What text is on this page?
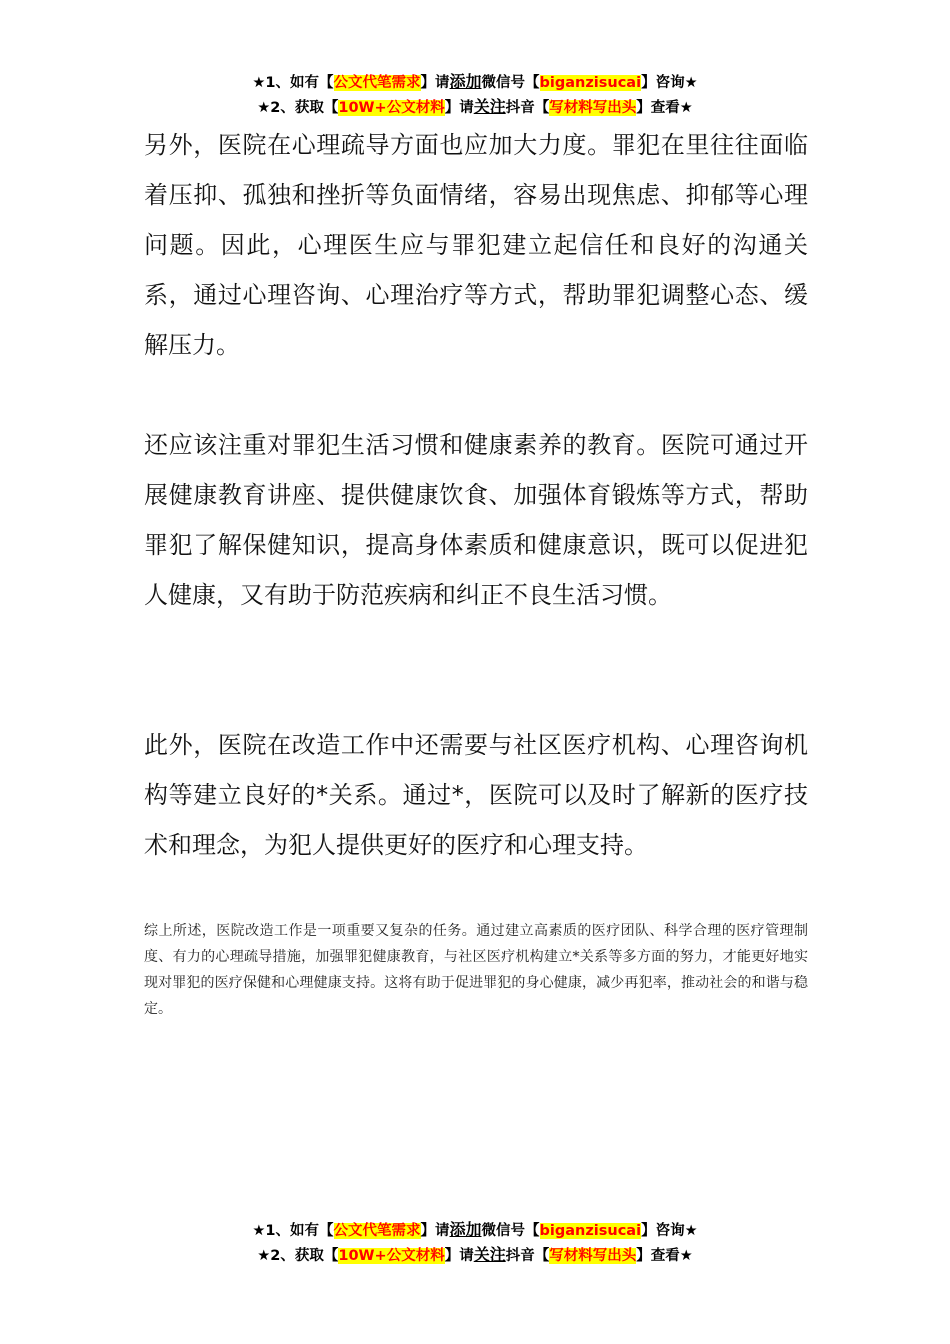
★1、如有【公文代笔需求】请添加微信号【biganzisucai】咨询★
★2、获取【10W+公文材料】请关注抖音【写材料写出头】查看★

另外，医院在心理疏导方面也应加大力度。罪犯在里往往面临着压抑、孤独和挫折等负面情绪，容易出现焦虑、抑郁等心理问题。因此，心理医生应与罪犯建立起信任和良好的沟通关系，通过心理咨询、心理治疗等方式，帮助罪犯调整心态、缓解压力。

还应该注重对罪犯生活习惯和健康素养的教育。医院可通过开展健康教育讲座、提供健康饮食、加强体育锻炼等方式，帮助罪犯了解保健知识，提高身体素质和健康意识，既可以促进犯人健康，又有助于防范疾病和纠正不良生活习惯。

此外，医院在改造工作中还需要与社区医疗机构、心理咨询机构等建立良好的*关系。通过*，医院可以及时了解新的医疗技术和理念，为犯人提供更好的医疗和心理支持。

综上所述，医院改造工作是一项重要又复杂的任务。通过建立高素质的医疗团队、科学合理的医疗管理制度、有力的心理疏导措施，加强罪犯健康教育，与社区医疗机构建立*关系等多方面的努力，才能更好地实现对罪犯的医疗保健和心理健康支持。这将有助于促进罪犯的身心健康，减少再犯率，推动社会的和谐与稳定。

★1、如有【公文代笔需求】请添加微信号【biganzisucai】咨询★
★2、获取【10W+公文材料】请关注抖音【写材料写出头】查看★
